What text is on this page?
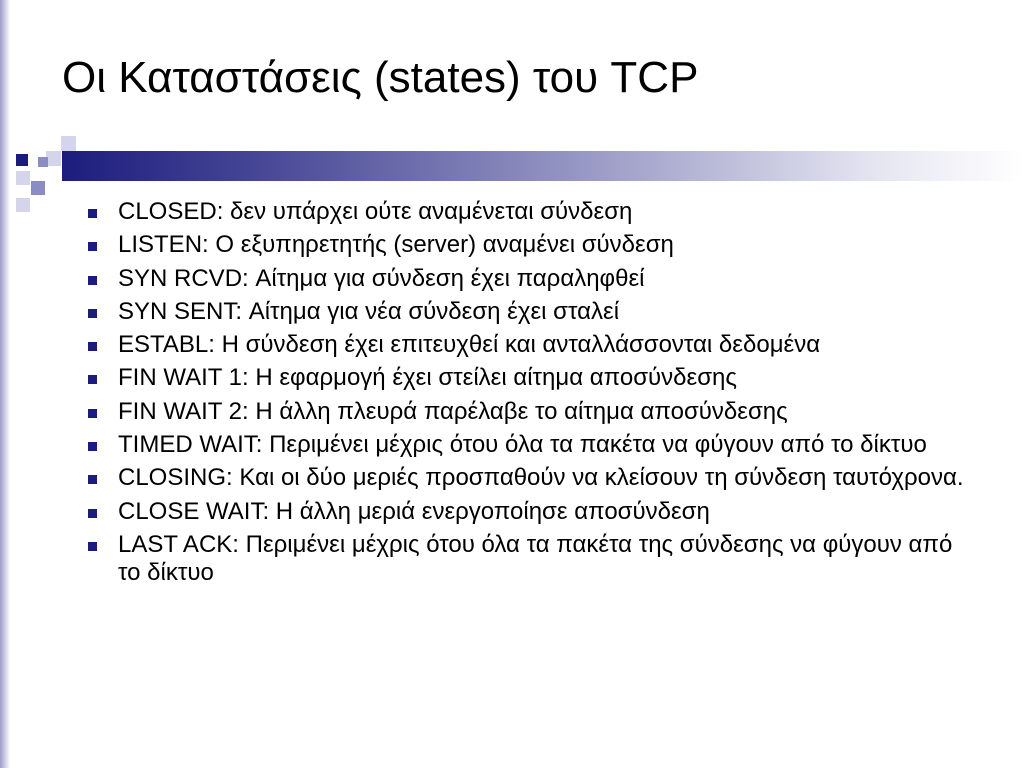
Οι Καταστάσεις (states) του TCP
CLOSED: δεν υπάρχει ούτε αναμένεται σύνδεση
LISTEN: O εξυπηρετητής (server) αναμένει σύνδεση
SYN RCVD: Αίτημα για σύνδεση έχει παραληφθεί
SYN SENT: Αίτημα για νέα σύνδεση έχει σταλεί
ESTABL: Η σύνδεση έχει επιτευχθεί και ανταλλάσσονται δεδομένα
FIN WAIT 1: Η εφαρμογή έχει στείλει αίτημα αποσύνδεσης
FIN WAIT 2: Η άλλη πλευρά παρέλαβε το αίτημα αποσύνδεσης
TIMED WAIT: Περιμένει μέχρις ότου όλα τα πακέτα να φύγουν από το δίκτυο
CLOSING: Και οι δύο μεριές προσπαθούν να κλείσουν τη σύνδεση ταυτόχρονα.
CLOSE WAIT: Η άλλη μεριά ενεργοποίησε αποσύνδεση
LAST ACK: Περιμένει μέχρις ότου όλα τα πακέτα της σύνδεσης να φύγουν από το δίκτυο
